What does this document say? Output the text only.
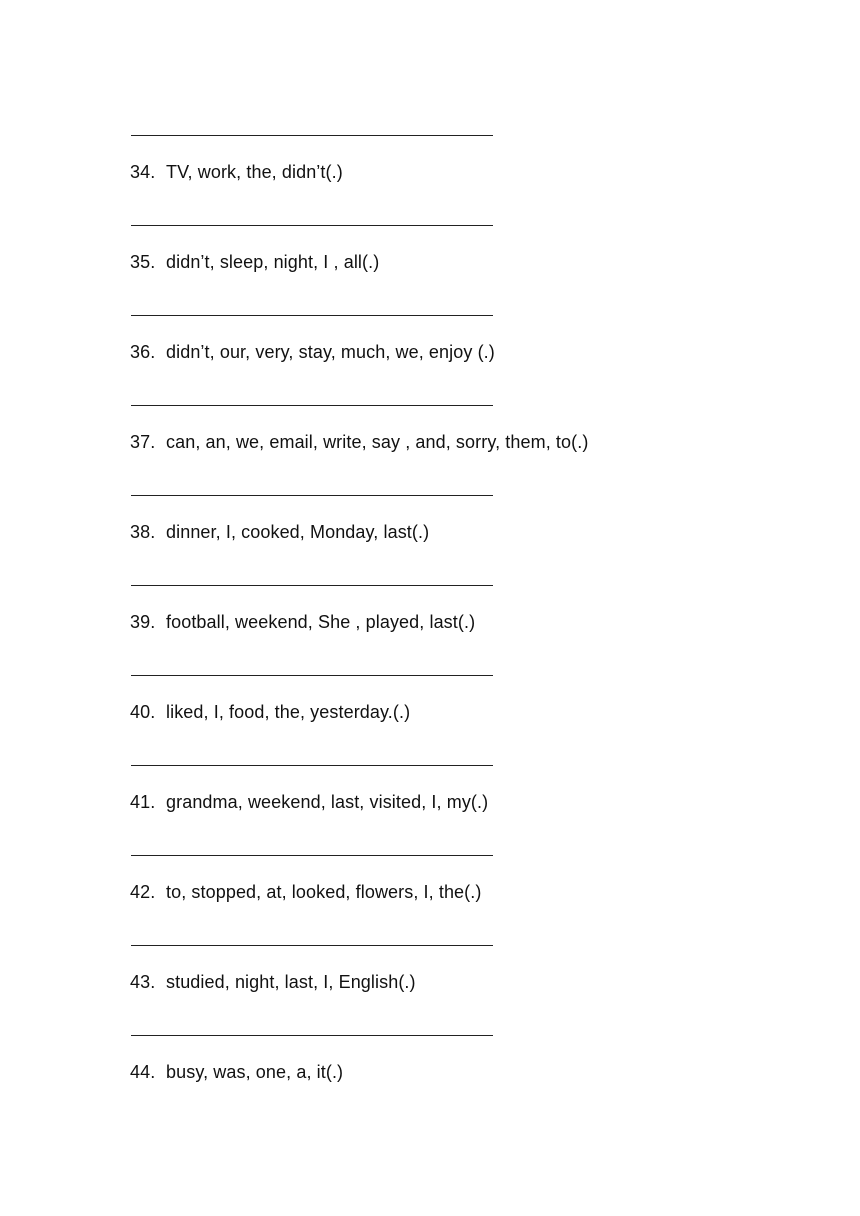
34. TV, work, the, didn’t(.)
35. didn’t, sleep, night, I , all(.)
36. didn’t, our, very, stay, much, we, enjoy (.)
37. can, an, we, email, write, say , and, sorry, them, to(.)
38. dinner, I, cooked, Monday, last(.)
39. football, weekend, She , played, last(.)
40. liked, I, food, the, yesterday.(.)
41. grandma, weekend, last, visited, I, my(.)
42. to, stopped, at, looked, flowers, I, the(.)
43. studied, night, last, I, English(.)
44. busy, was, one, a, it(.)
